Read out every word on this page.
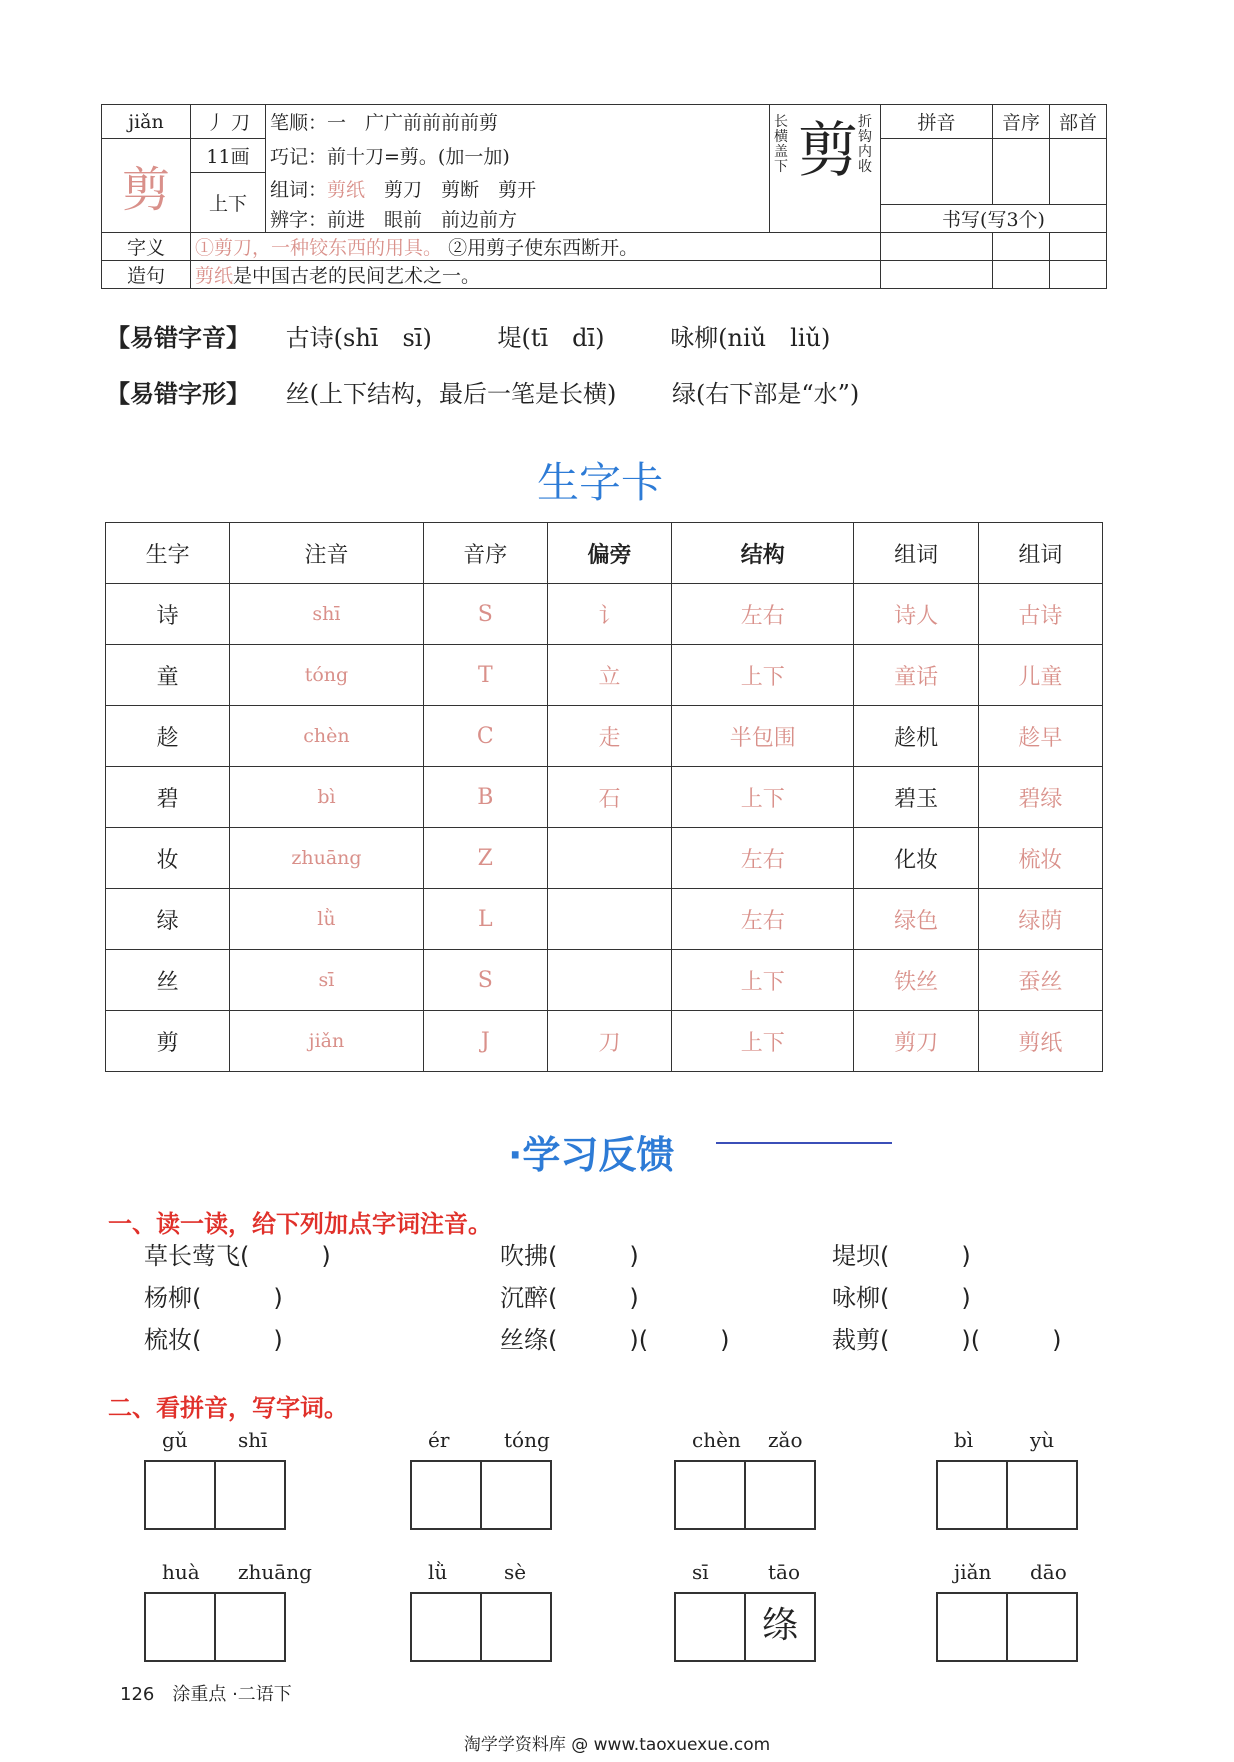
jiǎn	丿 刀	笔顺：一　广广前前前前剪	长横盖下 剪 折钩内收	拼音	音序	部首
剪	11画	巧记：前十刀=剪。(加一加)				
	上下	组词：剪纸　 剪刀　 剪断　 剪开				
		辨字：前进　眼前　前边前方		书写(写3个)		
字义	①剪刀，一种铰东西的用具。 ②用剪子使东西断开。					
造句	剪纸是中国古老的民间艺术之一。					
【易错字音】 古诗(shī　sī)	堤(tī　dī)	咏柳(niǔ　liǔ)
【易错字形】 丝(上下结构，最后一笔是长横) 绿(右下部是“水”)
生字卡
生字	注音	音序	偏旁	结构	组词	组词
诗	shī	S	讠	左右	诗人	古诗
童	tóng	T	立	上下	童话	儿童
趁	chèn	C	走	半包围	趁机	趁早
碧	bì	B	石	上下	碧玉	碧绿
妆	zhuāng	Z		左右	化妆	梳妆
绿	lǜ	L		左右	绿色	绿荫
丝	sī	S		上下	铁丝	蚕丝
剪	jiǎn	J	刀	上下	剪刀	剪纸
·学习反馈
一、读一读，给下列加点字词注音。
草长莺飞(　　　)	吹拂(　　　)	堤坝(　　　)
杨柳(　　　)	沉醉(　　　)	咏柳(　　　)
梳妆(　　　)	丝绦(　　　)(　　　)	裁剪(　　　)(　　　)
二、看拼音，写字词。
gǔ	shī	ér	tóng	chèn zǎo	bì	yù
huà zhuāng	lǜ	sè	sī	tāo
绦
jiǎn dāo
126　 涂重点 ·二语下
淘学学资料库 @ www.taoxuexue.com
